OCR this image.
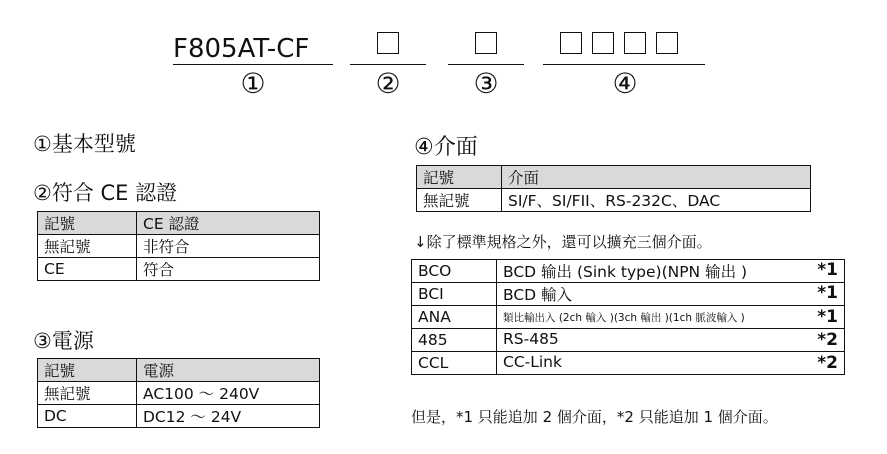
F805AT-CF
①	②	③	④
①基本型號
②符合 CE 認證
記號	CE 認證
無記號	非符合
CE	符合
③電源
記號	電源
無記號	AC100 ～ 240V
DC	DC12 ～ 24V
④介面
記號	介面
無記號	SI/F、SI/FII、RS-232C、DAC
↓除了標準規格之外，還可以擴充三個介面。
BCO	BCD 输出 (Sink type)(NPN 输出 ) *1

BCI	BCD 輸入 *1

ANA	類比輸出入 (2ch 輸入 )(3ch 輸出 )(1ch 脈波輸入 ) *1

485	RS-485 *2

CCL	CC-Link *2
但是，*1 只能追加 2 個介面，*2 只能追加 1 個介面。
